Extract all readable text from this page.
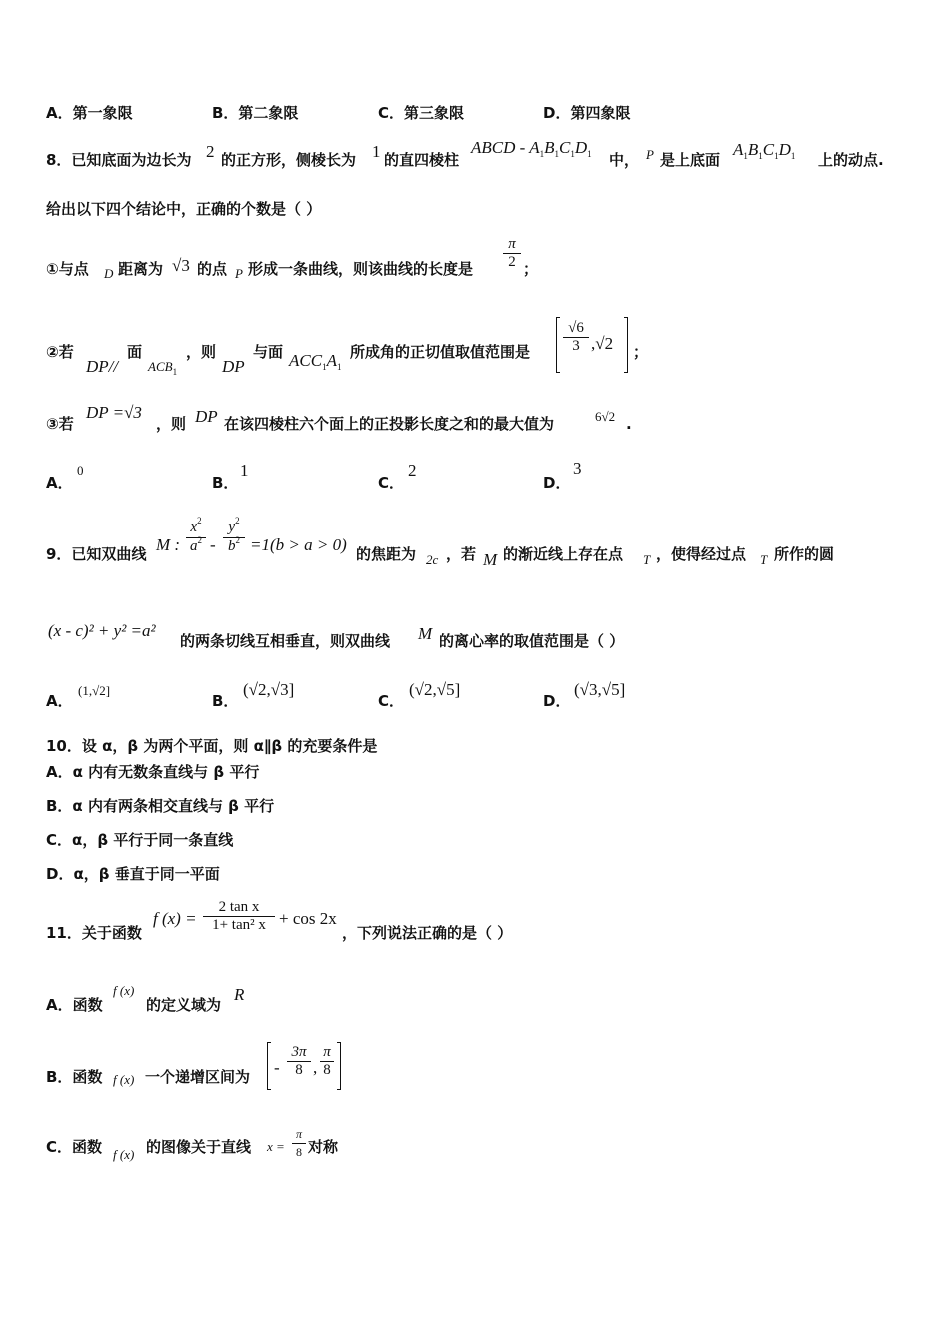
A．第一象限	B．第二象限	C．第三象限	D．第四象限
8．已知底面为边长为 2 的正方形，侧棱长为 1 的直四棱柱
ABCD - $A_1B_1C_1D_1$ 中， P 是上底面
$A_1B_1C_1D_1$ 上的动点.
给出以下四个结论中，正确的个数是（ ）
①与点 D 距离为 √3 的点 P 形成一条曲线，则该曲线的长度是
π
2 ；
②若
DP//
面
$ACB_1$
，则
DP
与面 $ACC_1A_1$
所成角的正切值取值范围是
√6
3 ,√2 ；
③若
DP =√3
，则 DP 在该四棱柱六个面上的正投影长度之和的最大值为	6√2 .
A．
0
B．
1
C．
2
D．
3
9．已知双曲线 M :
$x^2$
$a^2$ -
$y^2$
$b^2 =1(b > a > 0)$ 的焦距为 2c ，若 M 的渐近线上存在点 T ，使得经过点 T 所作的圆
(x - c)² + y² =a²
的两条切线互相垂直，则双曲线 M 的离心率的取值范围是（ ）
A．
(1,√2]
B．
(√2,√3]
C．
(√2,√5]
D．
(√3,√5]
10．设 α，β 为两个平面，则 α∥β 的充要条件是
A．α 内有无数条直线与 β 平行
B．α 内有两条相交直线与 β 平行
C．α，β 平行于同一条直线
D．α，β 垂直于同一平面
11．关于函数
f (x) =
2 tan x
1+ tan² x + cos 2x
，下列说法正确的是（ ）
A．函数
f (x)
的定义域为
R
B．函数 f (x) 一个递增区间为 -
3π
8 ,
π
8
C．函数 f (x) 的图像关于直线 x =
π
8 对称
